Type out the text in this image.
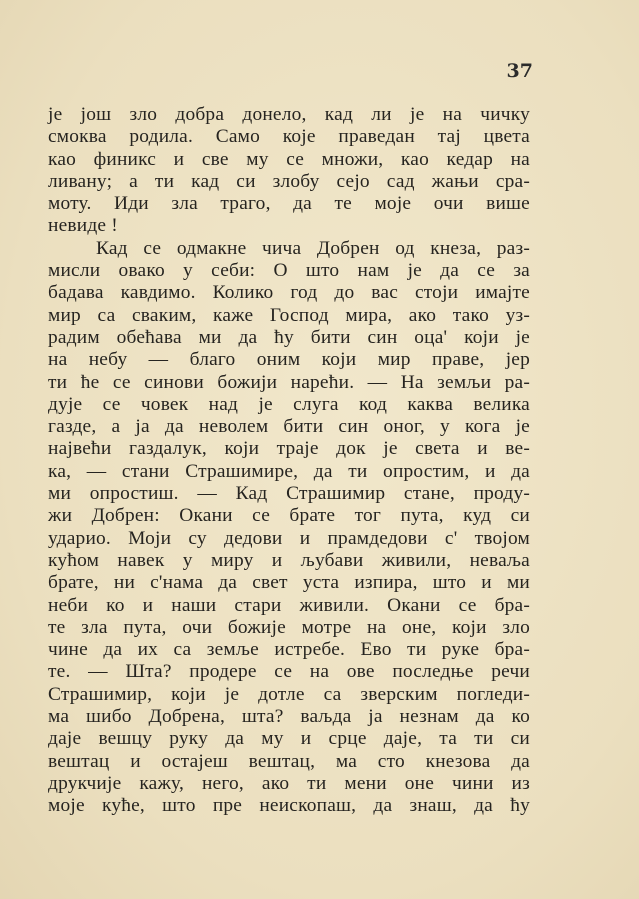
37
је још зло добра донело, кад ли је на чичку
смоква родила. Само које праведан тај цвета
као финикс и све му се множи, као кедар на
ливану; а ти кад си злобу сејо сад жањи сра-
моту. Иди зла траго, да те моје очи више
невиде !
Кад се одмакне чича Добрен од кнеза, раз-
мисли овако у себи: О што нам је да се за
бадава кавдимо. Колико год до вас стоји имајте
мир са сваким, каже Господ мира, ако тако уз-
радим обећава ми да ћу бити син оца' који је
на небу — благо оним који мир праве, јер
ти ће се синови божији нарећи. — На земљи ра-
дује се човек над је слуга код каква велика
газде, а ја да неволем бити син оног, у кога је
највећи газдалук, који траје док је света и ве-
ка, — стани Страшимире, да ти опростим, и да
ми опростиш. — Кад Страшимир стане, проду-
жи Добрен: Окани се брате тог пута, куд си
ударио. Моји су дедови и прамдедови с' твојом
кућом навек у миру и љубави живили, неваља
брате, ни с'нама да свет уста изпира, што и ми
неби ко и наши стари живили. Окани се бра-
те зла пута, очи божије мотре на оне, који зло
чине да их са земље истребе. Ево ти руке бра-
те. — Шта? продере се на ове последње речи
Страшимир, који је дотле са зверским погледи-
ма шибо Добрена, шта? ваљда ја незнам да ко
даје вешцу руку да му и срце даје, та ти си
вештац и остајеш вештац, ма сто кнезова да
друкчије кажу, него, ако ти мени оне чини из
моје куће, што пре неископаш, да знаш, да ћу
